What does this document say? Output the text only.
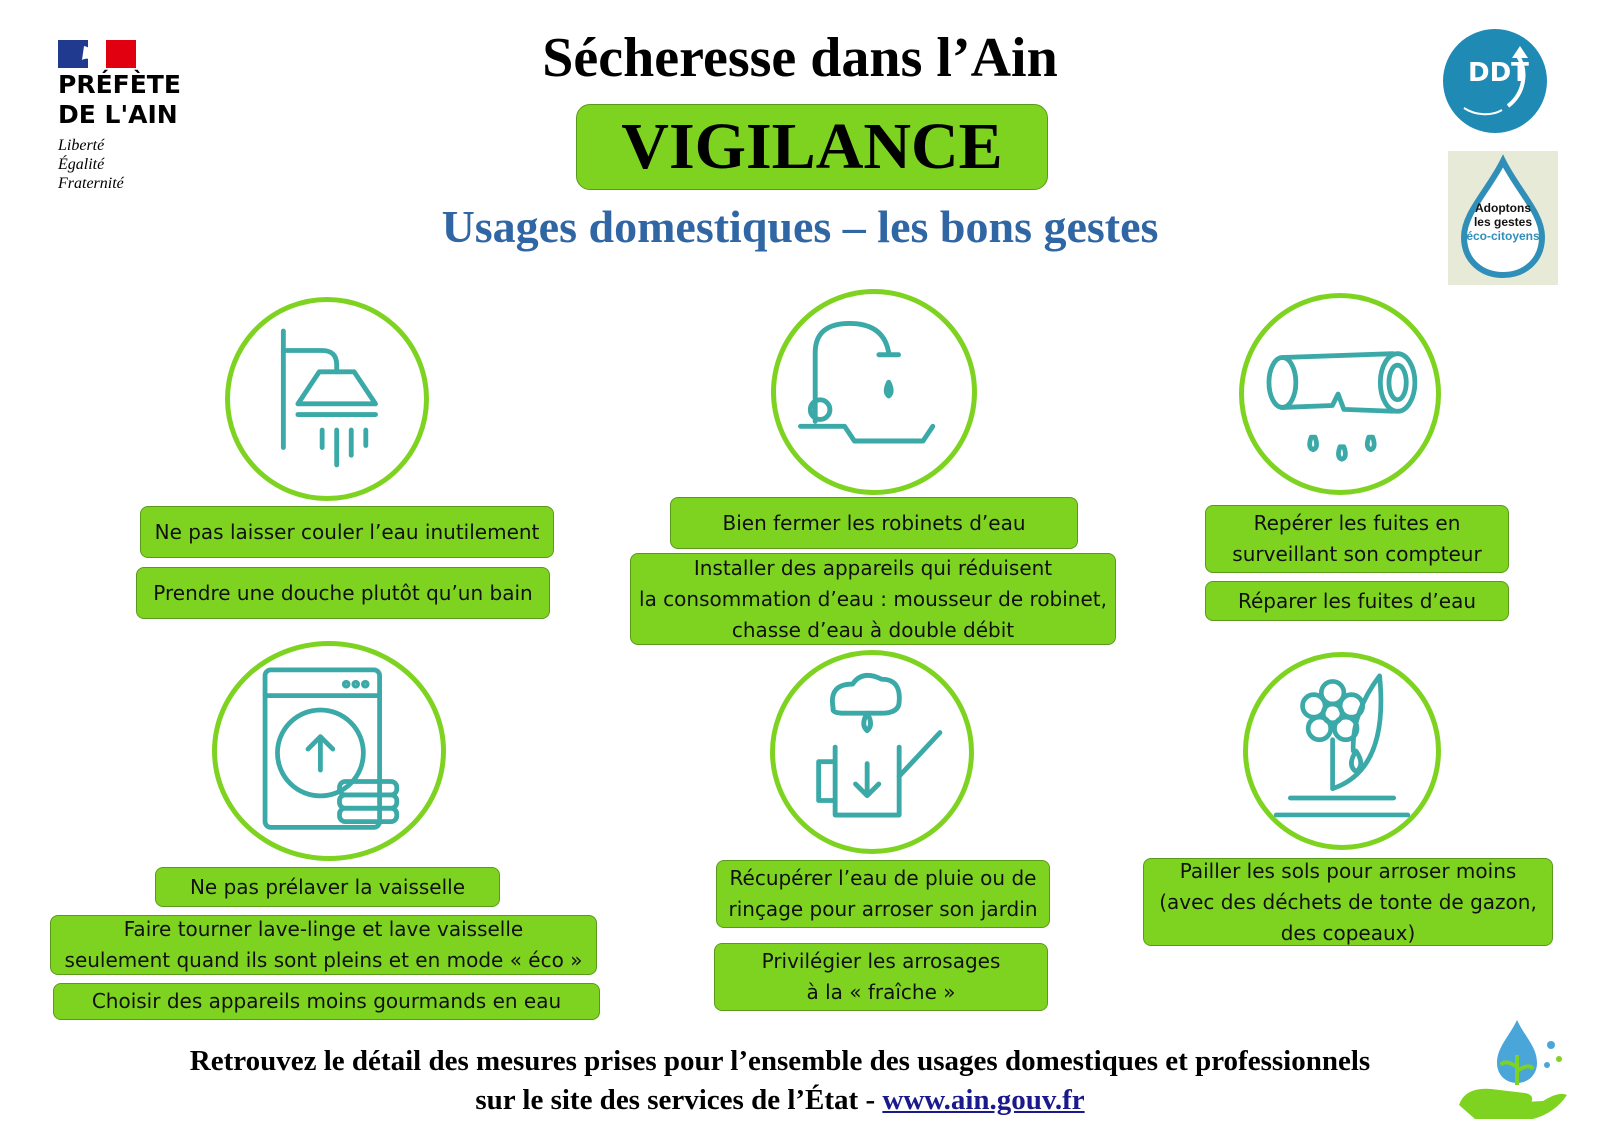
PRÉFÈTE
DE L'AIN
Liberté
Égalité
Fraternité
Sécheresse dans l’Ain
VIGILANCE
Usages domestiques – les bons gestes
DDT
Adoptons
les gestes
éco-citoyens
Ne pas laisser couler l’eau inutilement
Prendre une douche plutôt qu’un bain
Bien fermer les robinets d’eau
Installer des appareils qui réduisent
la consommation d’eau : mousseur de robinet,
chasse d’eau à double débit
Repérer les fuites en
surveillant son compteur
Réparer les fuites d’eau
Ne pas prélaver la vaisselle
Faire tourner lave-linge et lave vaisselle
seulement quand ils sont pleins et en mode « éco »
Choisir des appareils moins gourmands en eau
Récupérer l’eau de pluie ou de
rinçage pour arroser son jardin
Privilégier les arrosages
à la « fraîche »
Pailler les sols pour arroser moins
(avec des déchets de tonte de gazon,
des copeaux)
Retrouvez le détail des mesures prises pour l’ensemble des usages domestiques et professionnels
sur le site des services de l’État - www.ain.gouv.fr
